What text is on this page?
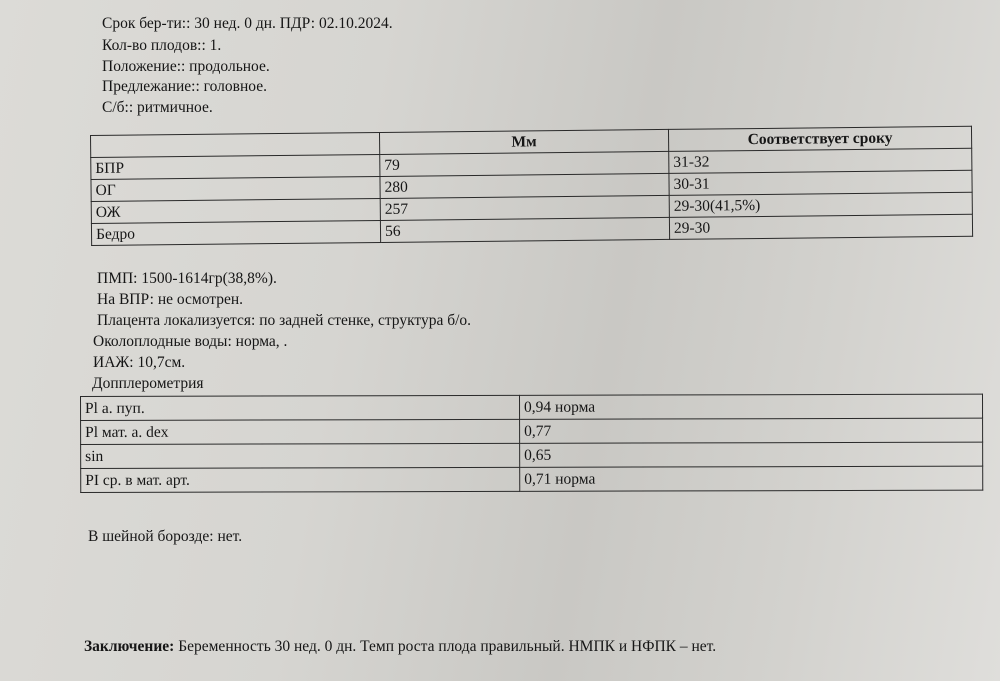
Срок бер-ти:: 30 нед. 0 дн. ПДР: 02.10.2024.
Кол-во плодов:: 1.
Положение:: продольное.
Предлежание:: головное.
С/б:: ритмичное.
	Мм	Соответствует сроку
БПР	79	31-32
ОГ	280	30-31
ОЖ	257	29-30(41,5%)
Бедро	56	29-30
ПМП: 1500-1614гр(38,8%).
На ВПР: не осмотрен.
Плацента локализуется: по задней стенке, структура б/о.
Околоплодные воды: норма, .
ИАЖ: 10,7см.
Допплерометрия
Pl а. пуп.	0,94 норма
Pl мат. а. dex	0,77
sin	0,65
PI ср. в мат. арт.	0,71 норма
В шейной борозде: нет.
Заключение: Беременность 30 нед. 0 дн. Темп роста плода правильный. НМПК и НФПК – нет.
